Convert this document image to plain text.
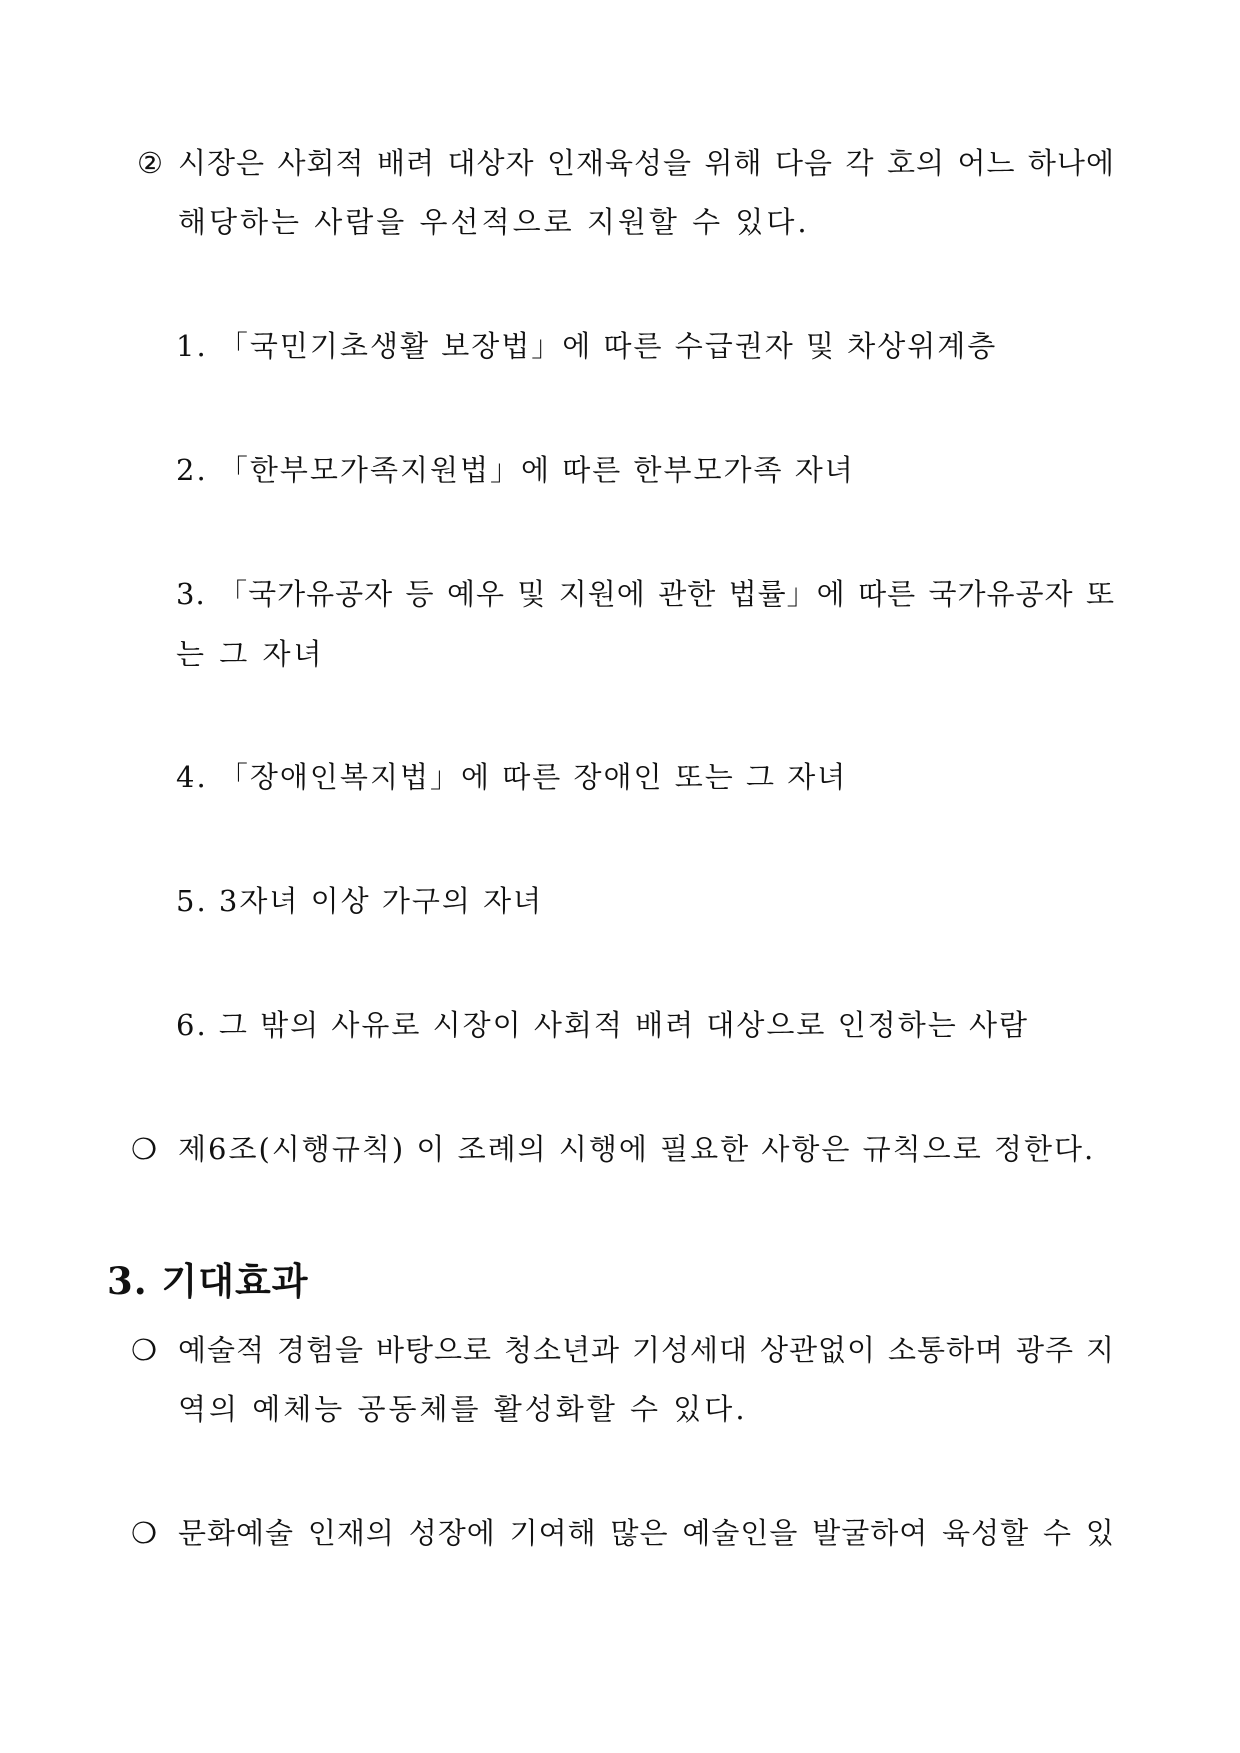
② 시장은 사회적 배려 대상자 인재육성을 위해 다음 각 호의 어느 하나에
해당하는 사람을 우선적으로 지원할 수 있다.
1. 「국민기초생활 보장법」에 따른 수급권자 및 차상위계층
2. 「한부모가족지원법」에 따른 한부모가족 자녀
3. 「국가유공자 등 예우 및 지원에 관한 법률」에 따른 국가유공자 또
는 그 자녀
4. 「장애인복지법」에 따른 장애인 또는 그 자녀
5. 3자녀 이상 가구의 자녀
6. 그 밖의 사유로 시장이 사회적 배려 대상으로 인정하는 사람
❍ 제6조(시행규칙) 이 조례의 시행에 필요한 사항은 규칙으로 정한다.
3. 기대효과
❍ 예술적 경험을 바탕으로 청소년과 기성세대 상관없이 소통하며 광주 지
역의 예체능 공동체를 활성화할 수 있다.
❍ 문화예술 인재의 성장에 기여해 많은 예술인을 발굴하여 육성할 수 있
